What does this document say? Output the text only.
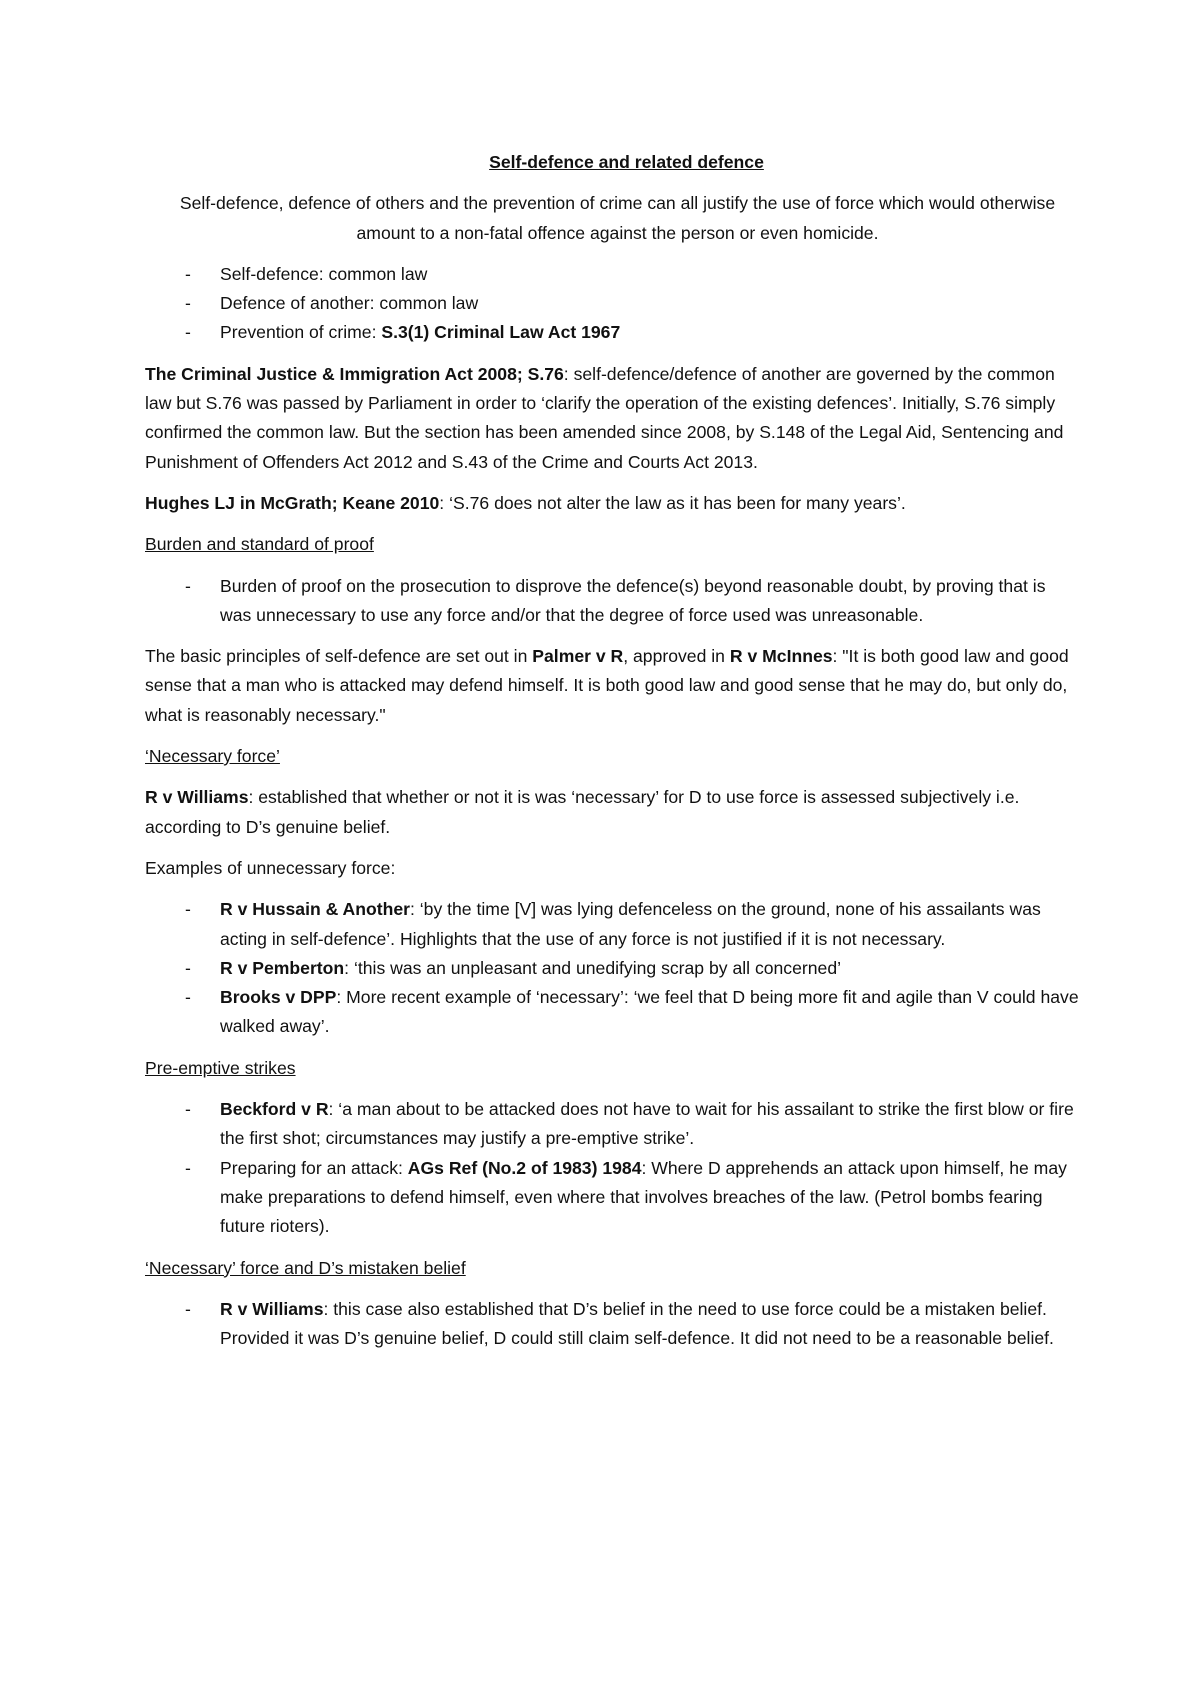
Self-defence and related defence
Self-defence, defence of others and the prevention of crime can all justify the use of force which would otherwise amount to a non-fatal offence against the person or even homicide.
- Self-defence: common law
- Defence of another: common law
- Prevention of crime: S.3(1) Criminal Law Act 1967

The Criminal Justice & Immigration Act 2008; S.76: self-defence/defence of another are governed by the common law but S.76 was passed by Parliament in order to ‘clarify the operation of the existing defences’. Initially, S.76 simply confirmed the common law. But the section has been amended since 2008, by S.148 of the Legal Aid, Sentencing and Punishment of Offenders Act 2012 and S.43 of the Crime and Courts Act 2013.

Hughes LJ in McGrath; Keane 2010: ‘S.76 does not alter the law as it has been for many years’.

Burden and standard of proof
- Burden of proof on the prosecution to disprove the defence(s) beyond reasonable doubt, by proving that is was unnecessary to use any force and/or that the degree of force used was unreasonable.

The basic principles of self-defence are set out in Palmer v R, approved in R v McInnes: "It is both good law and good sense that a man who is attacked may defend himself. It is both good law and good sense that he may do, but only do, what is reasonably necessary."

‘Necessary force’

R v Williams: established that whether or not it is was ‘necessary’ for D to use force is assessed subjectively i.e. according to D’s genuine belief.

Examples of unnecessary force:

- R v Hussain & Another: ‘by the time [V] was lying defenceless on the ground, none of his assailants was acting in self-defence’. Highlights that the use of any force is not justified if it is not necessary.
- R v Pemberton: ‘this was an unpleasant and unedifying scrap by all concerned’
- Brooks v DPP: More recent example of ‘necessary’: ‘we feel that D being more fit and agile than V could have walked away’.
Pre-emptive strikes
- Beckford v R: ‘a man about to be attacked does not have to wait for his assailant to strike the first blow or fire the first shot; circumstances may justify a pre-emptive strike’.
- Preparing for an attack: AGs Ref (No.2 of 1983) 1984: Where D apprehends an attack upon himself, he may make preparations to defend himself, even where that involves breaches of the law. (Petrol bombs fearing future rioters).
‘Necessary’ force and D’s mistaken belief
- R v Williams: this case also established that D’s belief in the need to use force could be a mistaken belief. Provided it was D’s genuine belief, D could still claim self-defence. It did not need to be a reasonable belief.
